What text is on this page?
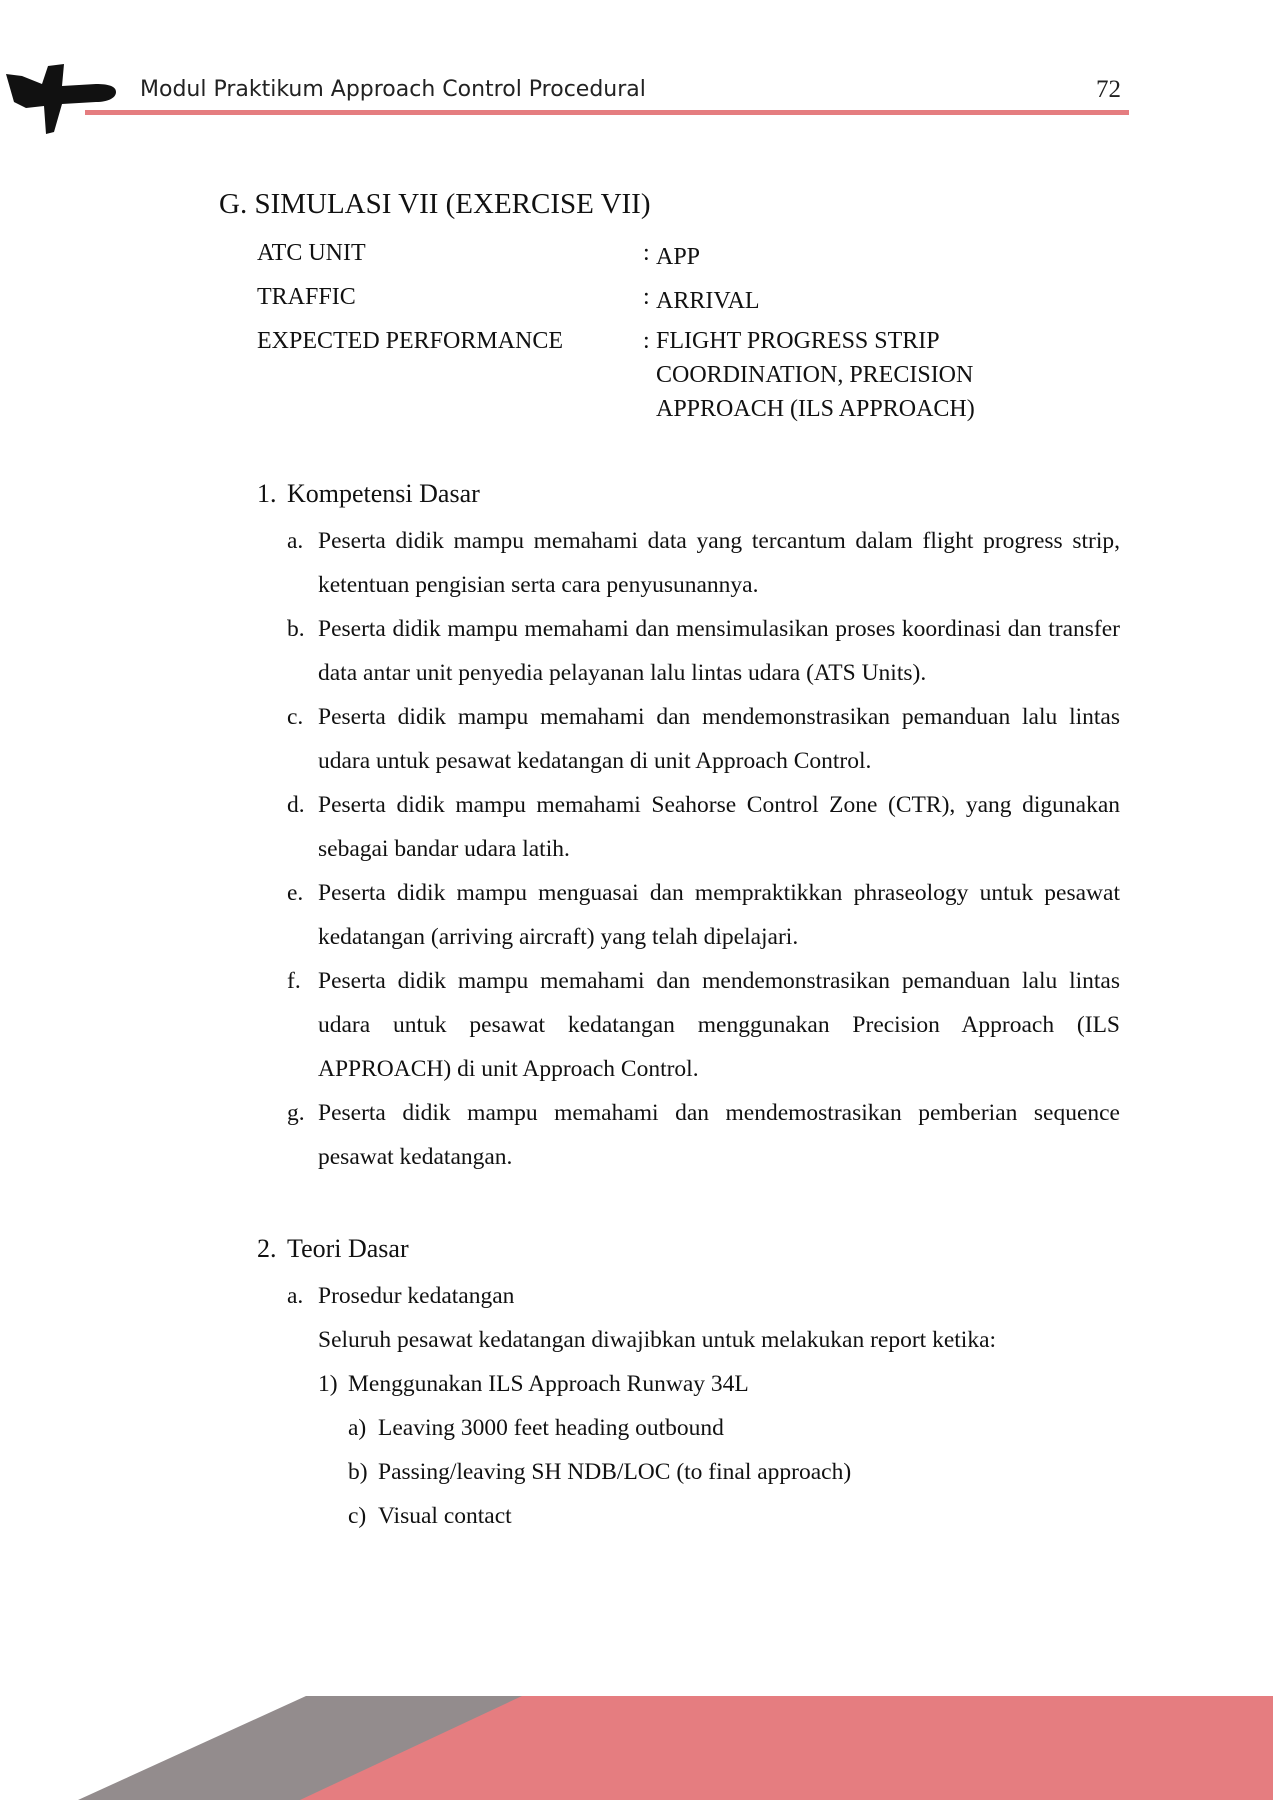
Modul Praktikum Approach Control Procedural	72
G. SIMULASI VII (EXERCISE VII)
ATC UNIT	: APP
TRAFFIC	: ARRIVAL
EXPECTED PERFORMANCE	: FLIGHT PROGRESS STRIP
COORDINATION, PRECISION
APPROACH (ILS APPROACH)
1. Kompetensi Dasar
a. Peserta didik mampu memahami data yang tercantum dalam flight progress strip, ketentuan pengisian serta cara penyusunannya.
b. Peserta didik mampu memahami dan mensimulasikan proses koordinasi dan transfer data antar unit penyedia pelayanan lalu lintas udara (ATS Units).
c. Peserta didik mampu memahami dan mendemonstrasikan pemanduan lalu lintas udara untuk pesawat kedatangan di unit Approach Control.
d. Peserta didik mampu memahami Seahorse Control Zone (CTR), yang digunakan sebagai bandar udara latih.
e. Peserta didik mampu menguasai dan mempraktikkan phraseology untuk pesawat kedatangan (arriving aircraft) yang telah dipelajari.
f. Peserta didik mampu memahami dan mendemonstrasikan pemanduan lalu lintas udara untuk pesawat kedatangan menggunakan Precision Approach (ILS APPROACH) di unit Approach Control.
g. Peserta didik mampu memahami dan mendemostrasikan pemberian sequence pesawat kedatangan.
2. Teori Dasar
a. Prosedur kedatangan
Seluruh pesawat kedatangan diwajibkan untuk melakukan report ketika:
1) Menggunakan ILS Approach Runway 34L
a) Leaving 3000 feet heading outbound
b) Passing/leaving SH NDB/LOC (to final approach)
c) Visual contact
